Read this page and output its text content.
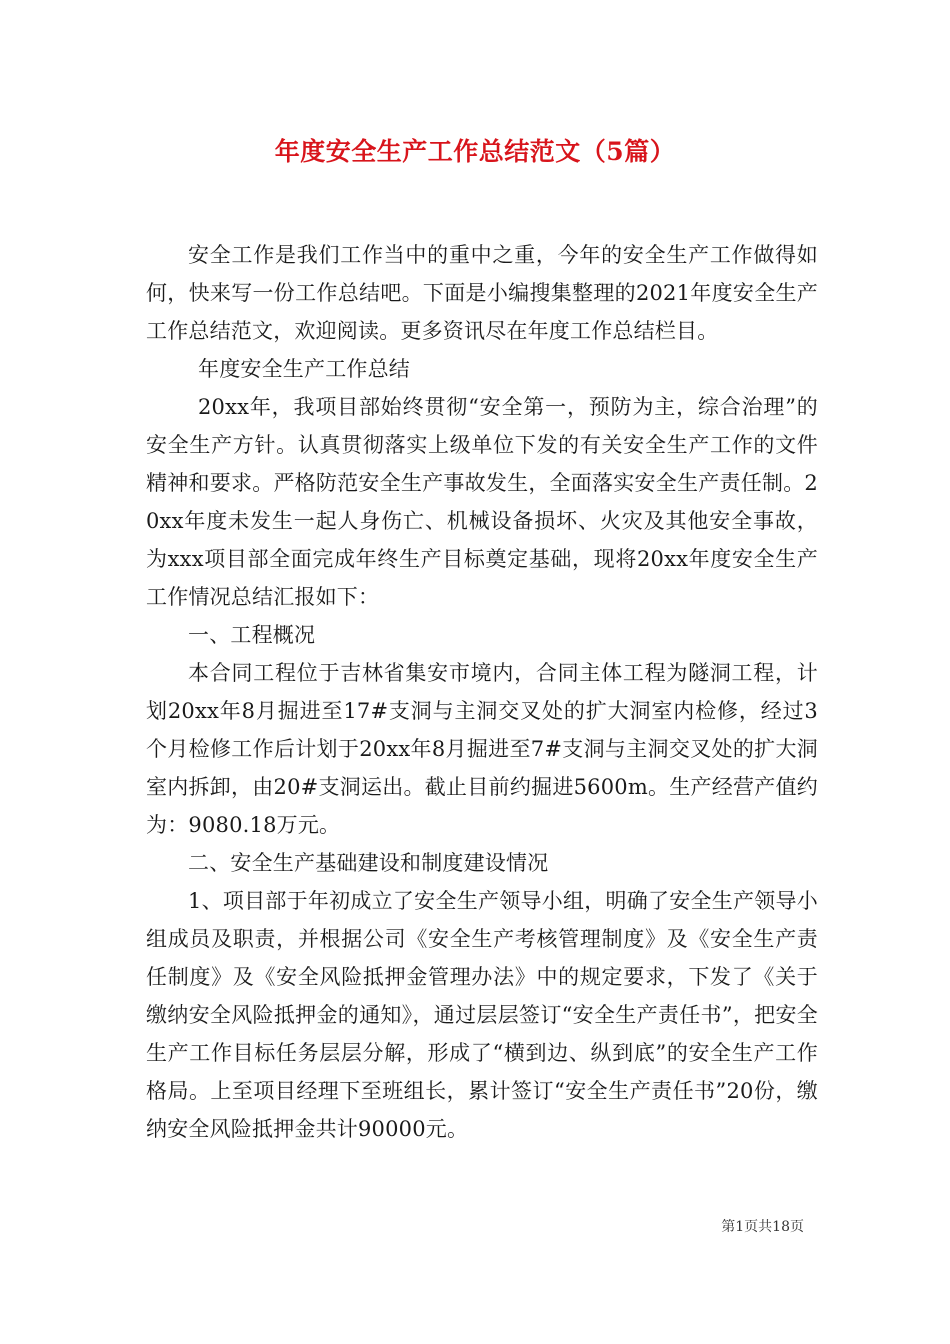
年度安全生产工作总结范文（5篇）

安全工作是我们工作当中的重中之重，今年的安全生产工作做得如何，快来写一份工作总结吧。下面是小编搜集整理的2021年度安全生产工作总结范文，欢迎阅读。更多资讯尽在年度工作总结栏目。

年度安全生产工作总结

20xx年，我项目部始终贯彻“安全第一，预防为主，综合治理”的安全生产方针。认真贯彻落实上级单位下发的有关安全生产工作的文件精神和要求。严格防范安全生产事故发生，全面落实安全生产责任制。20xx年度未发生一起人身伤亡、机械设备损坏、火灾及其他安全事故，为xxx项目部全面完成年终生产目标奠定基础，现将20xx年度安全生产工作情况总结汇报如下：

一、工程概况

本合同工程位于吉林省集安市境内，合同主体工程为隧洞工程，计划20xx年8月掘进至17#支洞与主洞交叉处的扩大洞室内检修，经过3个月检修工作后计划于20xx年8月掘进至7#支洞与主洞交叉处的扩大洞室内拆卸，由20#支洞运出。截止目前约掘进5600m。生产经营产值约为：9080.18万元。

二、安全生产基础建设和制度建设情况

1、项目部于年初成立了安全生产领导小组，明确了安全生产领导小组成员及职责，并根据公司《安全生产考核管理制度》及《安全生产责任制度》及《安全风险抵押金管理办法》中的规定要求，下发了《关于缴纳安全风险抵押金的通知》，通过层层签订“安全生产责任书”，把安全生产工作目标任务层层分解，形成了“横到边、纵到底”的安全生产工作格局。上至项目经理下至班组长，累计签订“安全生产责任书”20份，缴纳安全风险抵押金共计90000元。

第1页共18页
